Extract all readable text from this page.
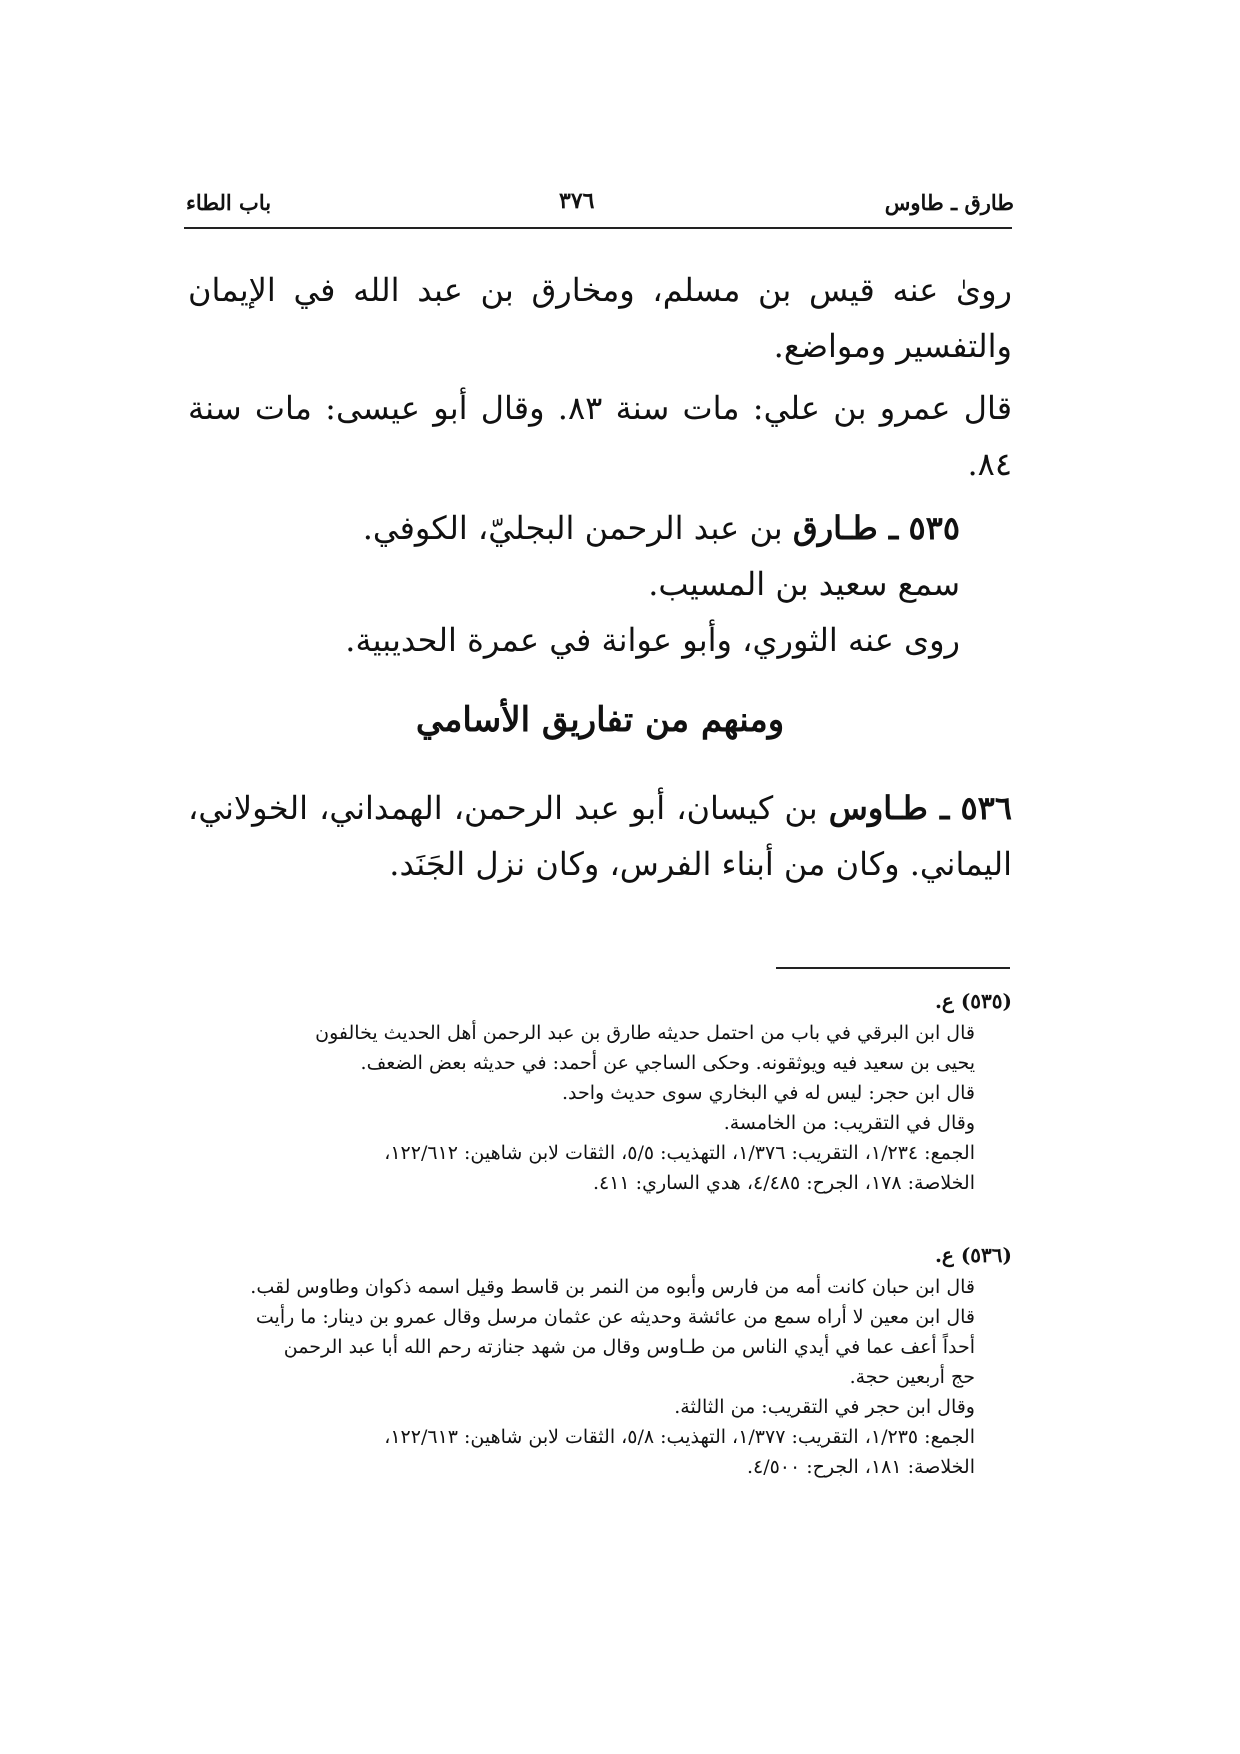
طارق ـ طاوس
٣٧٦
باب الطاء

رویٰ عنه قیس بن مسلم، ومخارق بن عبد الله في الإیمان والتفسیر ومواضع.

قال عمرو بن علي: مات سنة ٨٣. وقال أبو عیسی: مات سنة ٨٤.

٥٣٥ ـ طـارق بن عبد الرحمن البجليّ، الكوفي.
سمع سعید بن المسیب.
روی عنه الثوري، وأبو عوانة في عمرة الحدیبیة.
ومنهم من تفاریق الأسامي

٥٣٦ ـ طـاوس بن كیسان، أبو عبد الرحمن، الهمداني، الخولاني، الیماني. وكان من أبناء الفرس، وكان نزل الجَنَد.

(٥٣٥) ع.
قال ابن البرقي في باب من احتمل حدیثه طارق بن عبد الرحمن أهل الحدیث یخالفون
یحیی بن سعید فیه ویوثقونه. وحكی الساجي عن أحمد: في حدیثه بعض الضعف.
قال ابن حجر: لیس له في البخاري سوی حدیث واحد.
وقال في التقریب: من الخامسة.
الجمع: ١/٢٣٤، التقریب: ١/٣٧٦، التهذیب: ٥/٥، الثقات لابن شاهین: ١٢٢/٦١٢،
الخلاصة: ١٧٨، الجرح: ٤/٤٨٥، هدي الساري: ٤١١.
(٥٣٦) ع.
قال ابن حبان كانت أمه من فارس وأبوه من النمر بن قاسط وقیل اسمه ذكوان وطاوس لقب.
قال ابن معین لا أراه سمع من عائشة وحدیثه عن عثمان مرسل وقال عمرو بن دینار: ما رأیت
أحداً أعف عما في أیدي الناس من طـاوس وقال من شهد جنازته رحم الله أبا عبد الرحمن
حج أربعین حجة.
وقال ابن حجر في التقریب: من الثالثة.
الجمع: ١/٢٣٥، التقریب: ١/٣٧٧، التهذیب: ٥/٨، الثقات لابن شاهین: ١٢٢/٦١٣،
الخلاصة: ١٨١، الجرح: ٤/٥٠٠.
